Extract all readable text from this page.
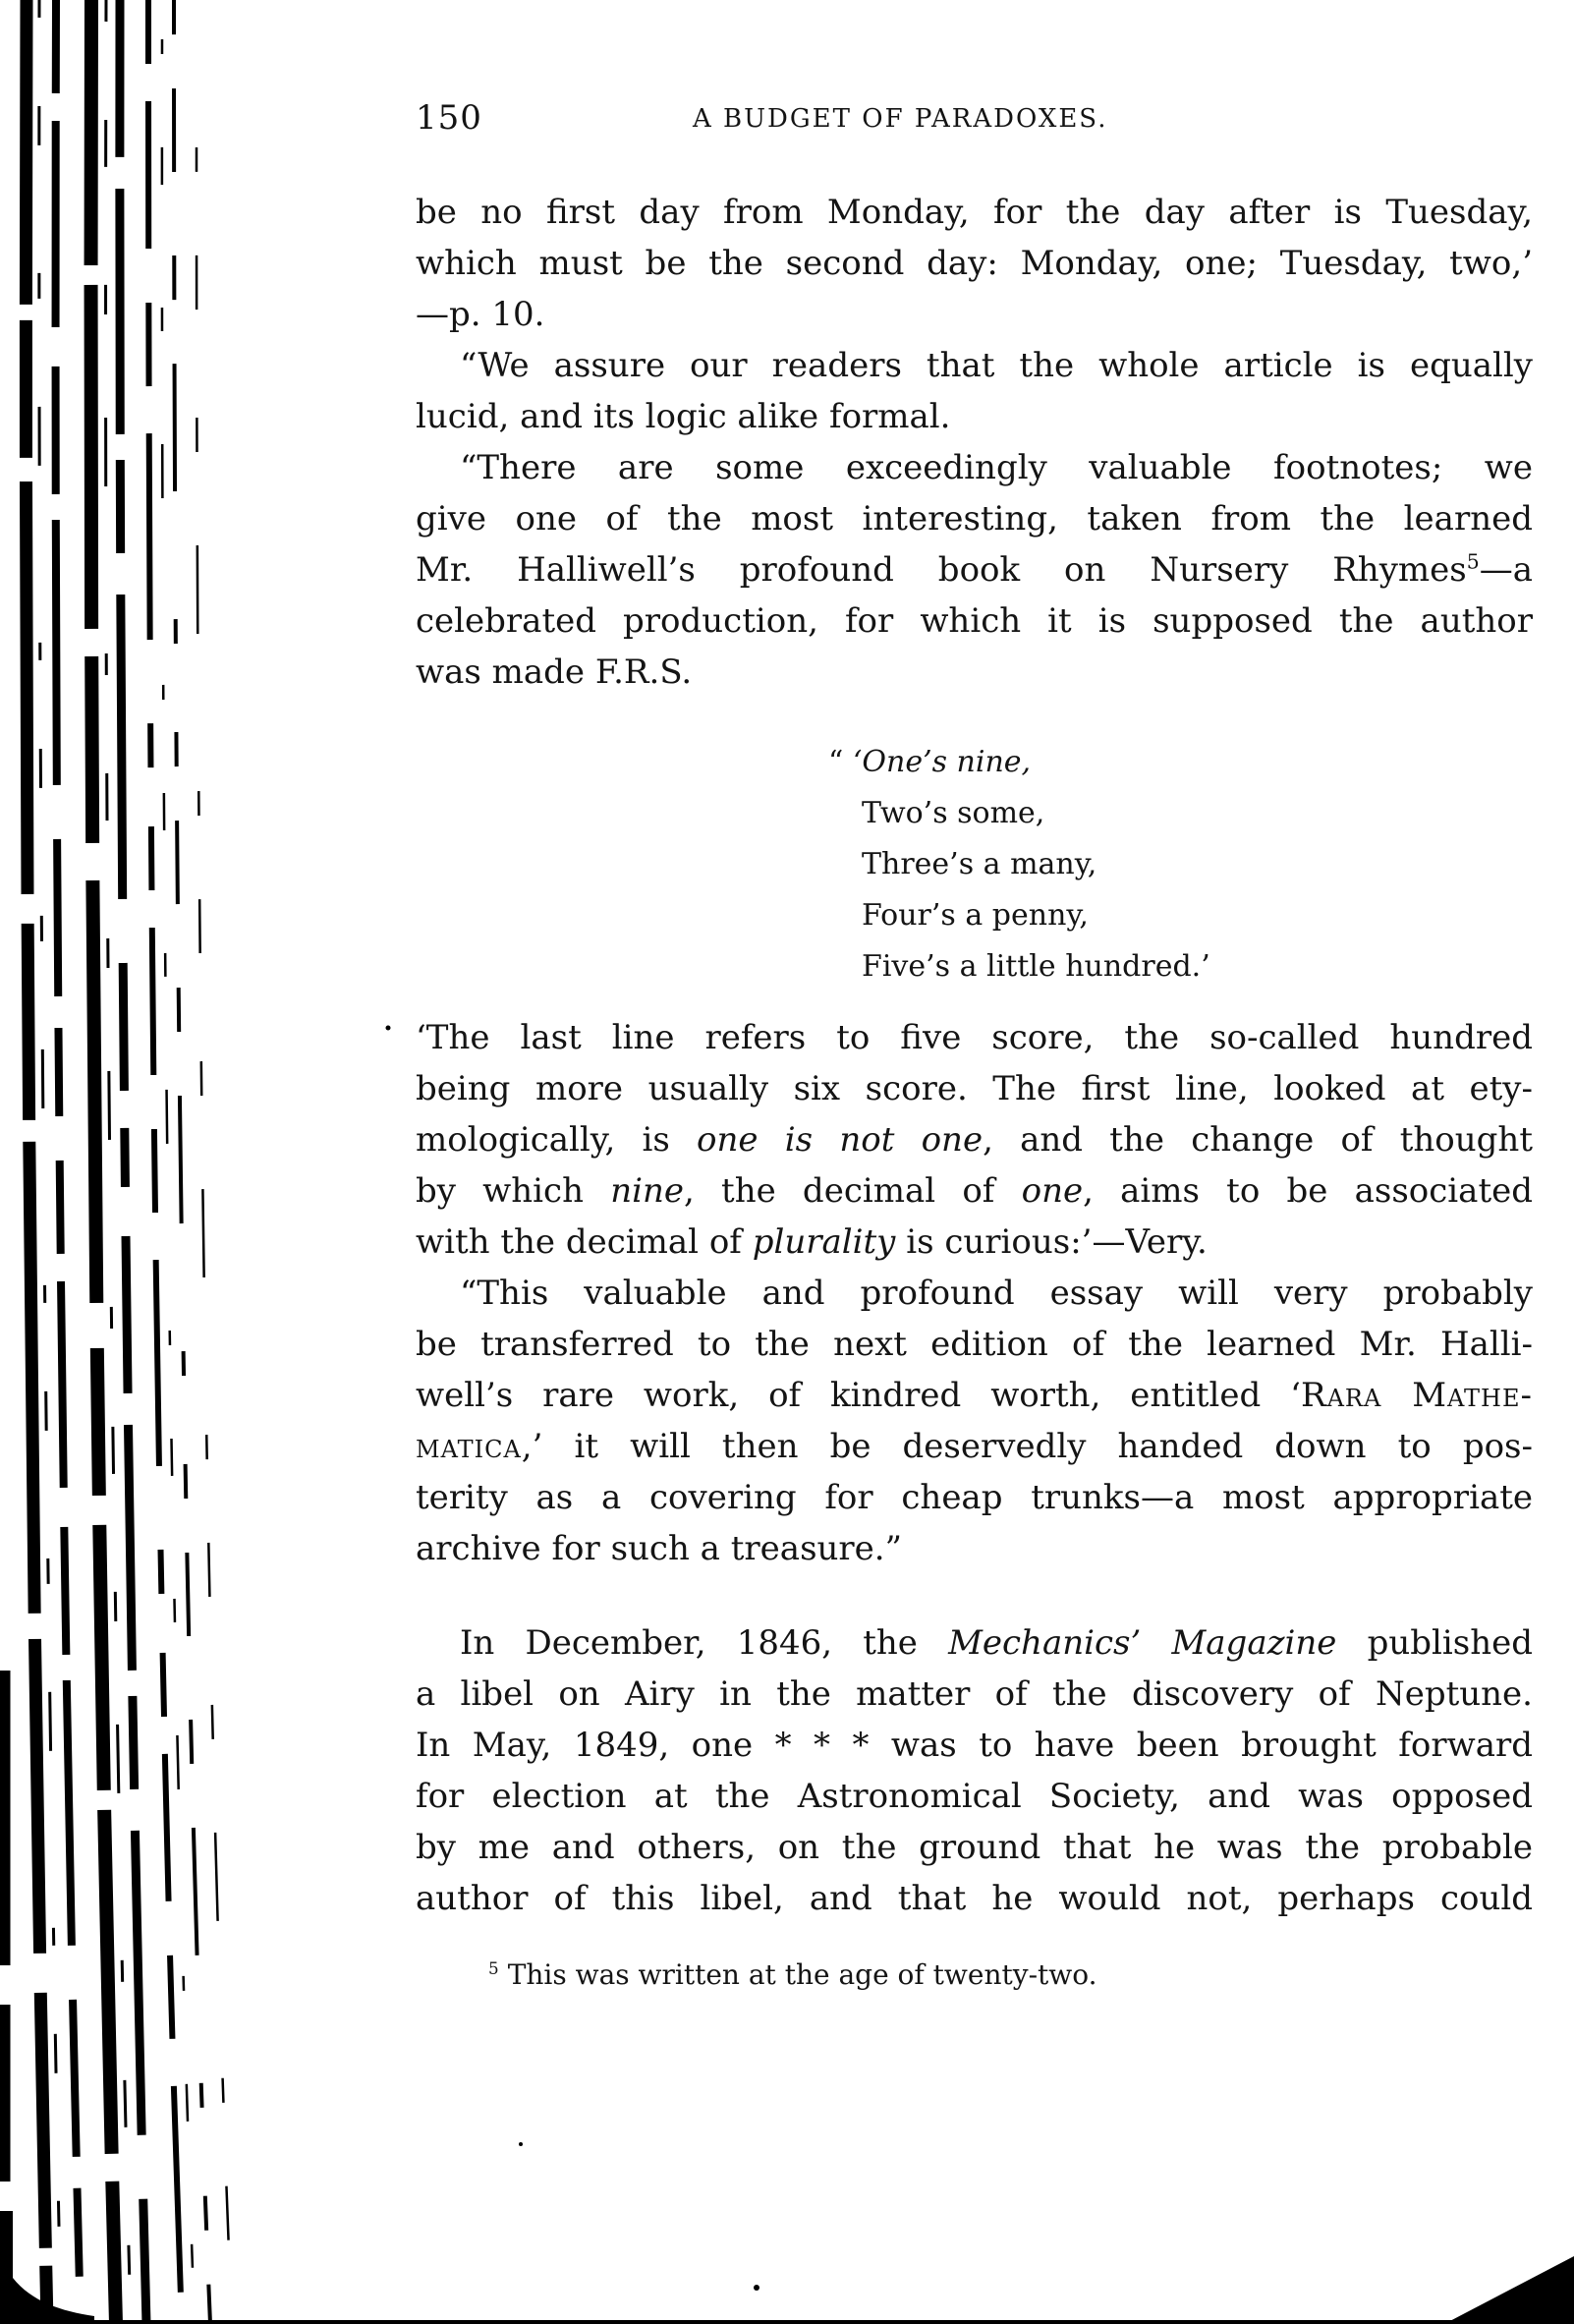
150	A BUDGET OF PARADOXES.
be no first day from Monday, for the day after is Tuesday,
which must be the second day: Monday, one; Tuesday, two,’
—p. 10.
“We assure our readers that the whole article is equally
lucid, and its logic alike formal.
“There are some exceedingly valuable footnotes; we
give one of the most interesting, taken from the learned
Mr. Halliwell’s profound book on Nursery Rhymes$^5$—a
celebrated production, for which it is supposed the author
was made F.R.S.
“ ‘One’s nine,
Two’s some,
Three’s a many,
Four’s a penny,
Five’s a little hundred.’
‘The last line refers to five score, the so-called hundred
being more usually six score. The first line, looked at ety-
mologically, is one is not one, and the change of thought
by which nine, the decimal of one, aims to be associated
with the decimal of plurality is curious:’—Very.
“This valuable and profound essay will very probably
be transferred to the next edition of the learned Mr. Halli-
well’s rare work, of kindred worth, entitled ‘Rara Mathe-
matica,’ it will then be deservedly handed down to pos-
terity as a covering for cheap trunks—a most appropriate
archive for such a treasure.”
In December, 1846, the Mechanics’ Magazine published
a libel on Airy in the matter of the discovery of Neptune.
In May, 1849, one * * * was to have been brought forward
for election at the Astronomical Society, and was opposed
by me and others, on the ground that he was the probable
author of this libel, and that he would not, perhaps could
$^5$ This was written at the age of twenty-two.
